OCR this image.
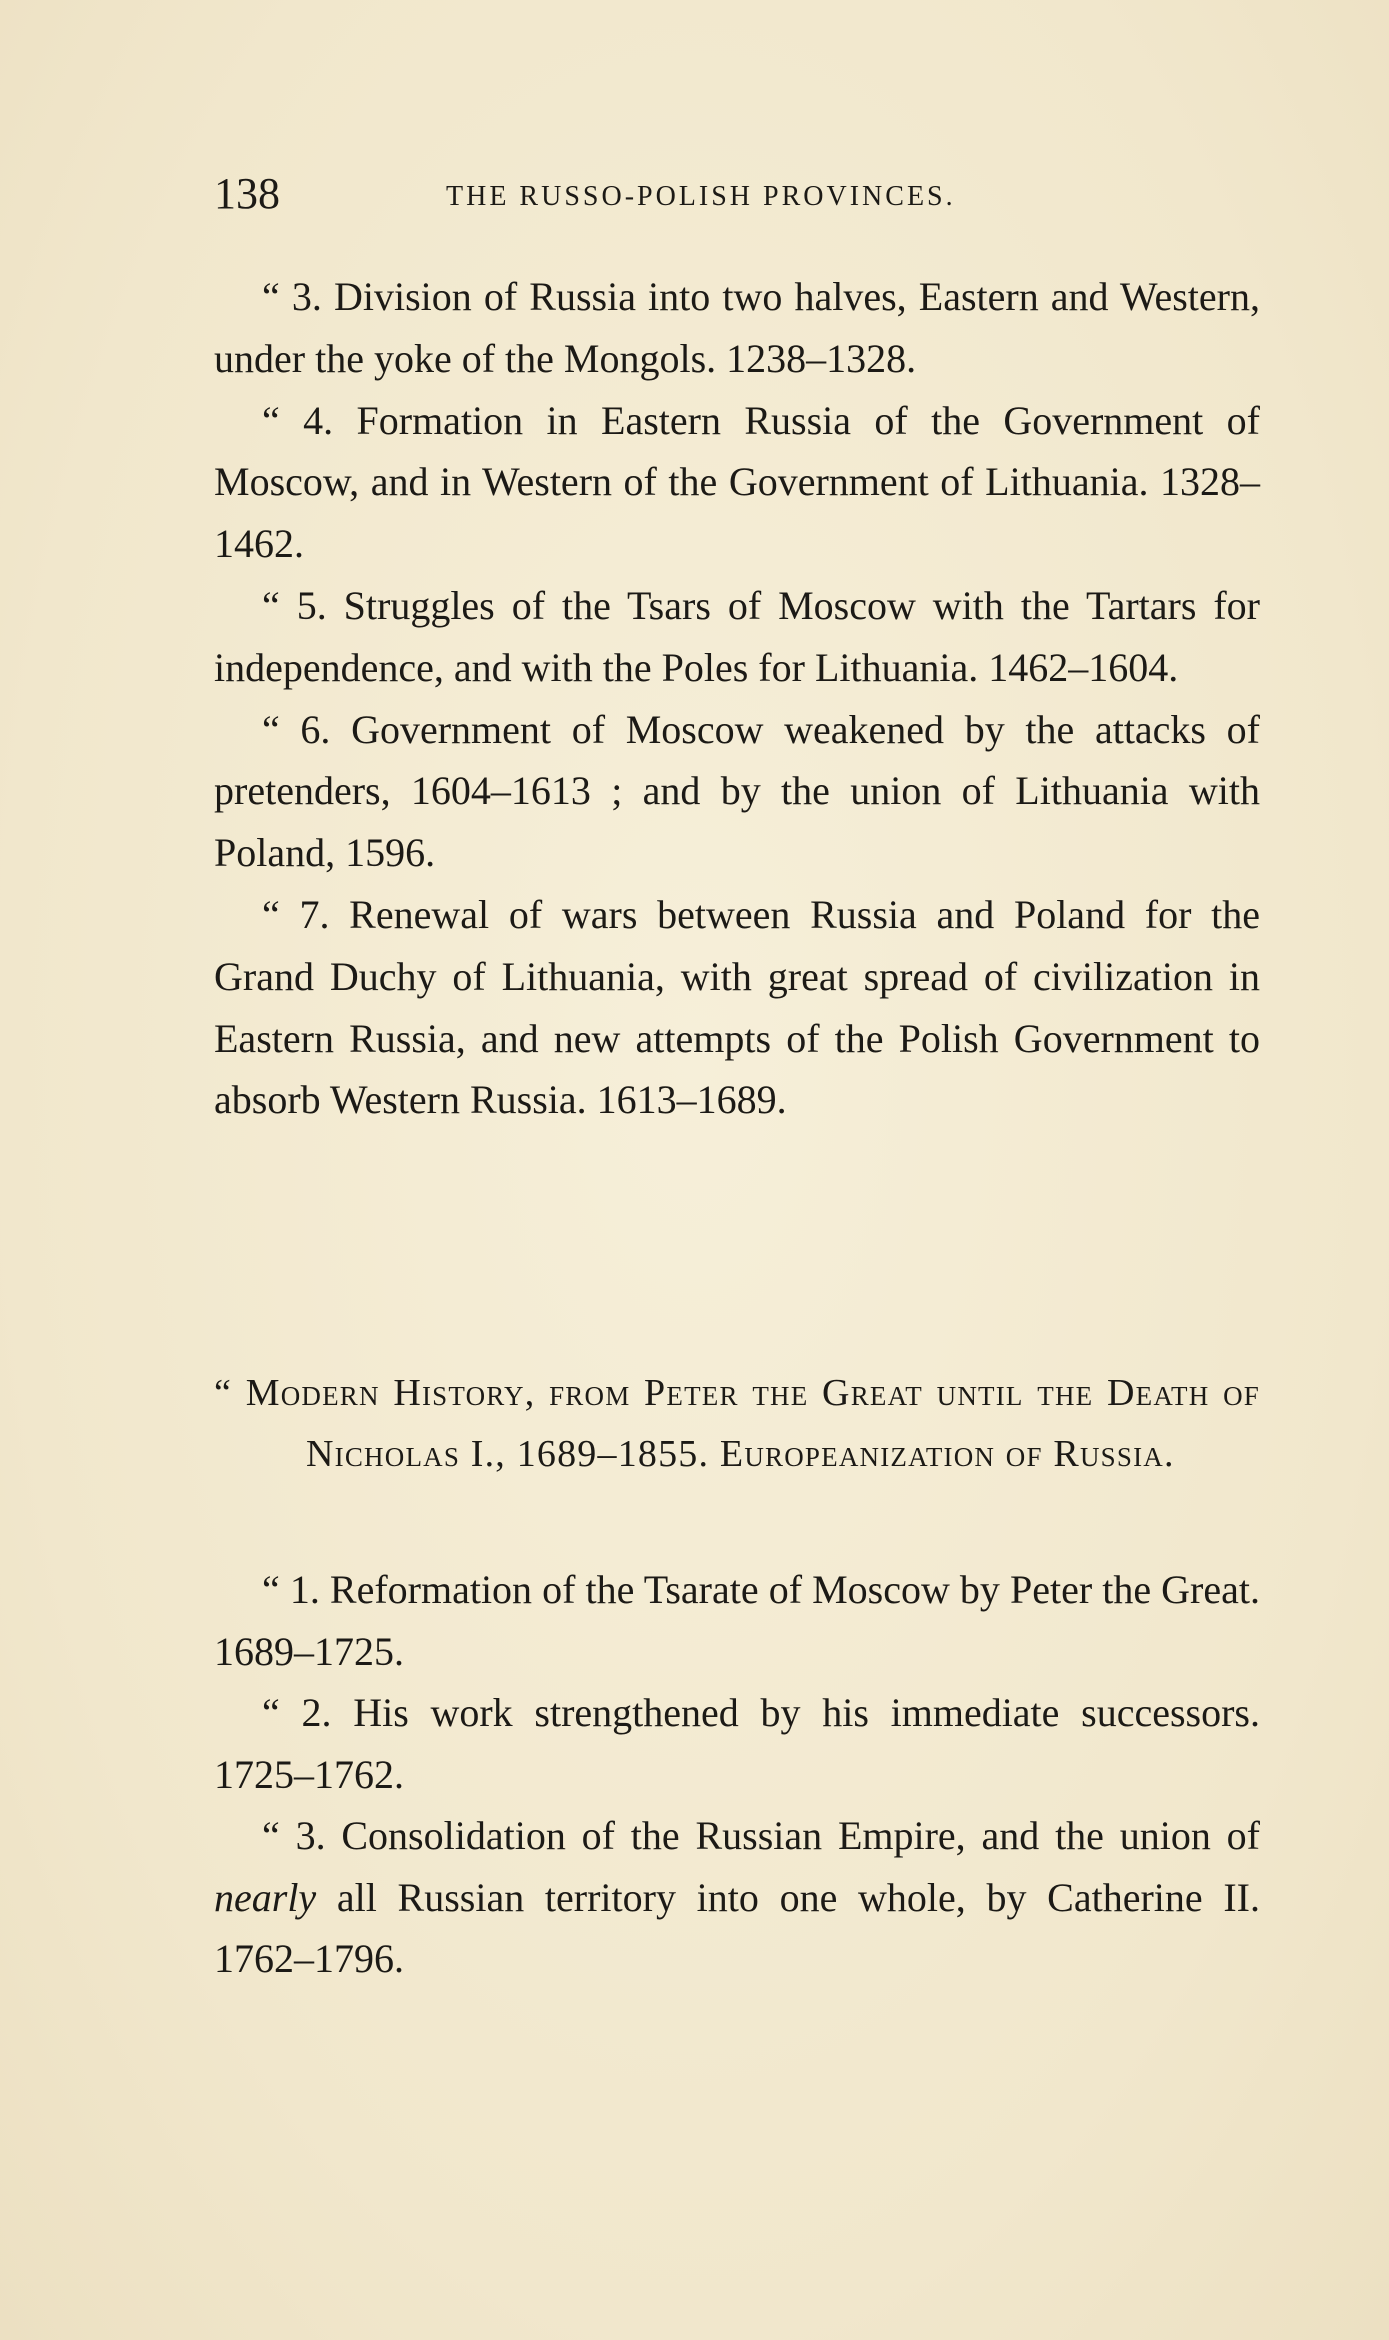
138	THE RUSSO-POLISH PROVINCES.

“ 3. Division of Russia into two halves, Eastern and Western, under the yoke of the Mongols. 1238–1328.

“ 4. Formation in Eastern Russia of the Government of Moscow, and in Western of the Government of Lithuania. 1328–1462.

“ 5. Struggles of the Tsars of Moscow with the Tartars for independence, and with the Poles for Lithuania. 1462–1604.

“ 6. Government of Moscow weakened by the attacks of pretenders, 1604–1613 ; and by the union of Lithuania with Poland, 1596.

“ 7. Renewal of wars between Russia and Poland for the Grand Duchy of Lithuania, with great spread of civilization in Eastern Russia, and new attempts of the Polish Government to absorb Western Russia. 1613–1689.

“ Modern History, from Peter the Great until the Death of Nicholas I., 1689–1855. Europeanization of Russia.

“ 1. Reformation of the Tsarate of Moscow by Peter the Great. 1689–1725.

“ 2. His work strengthened by his immediate successors. 1725–1762.

“ 3. Consolidation of the Russian Empire, and the union of nearly all Russian territory into one whole, by Catherine II. 1762–1796.
